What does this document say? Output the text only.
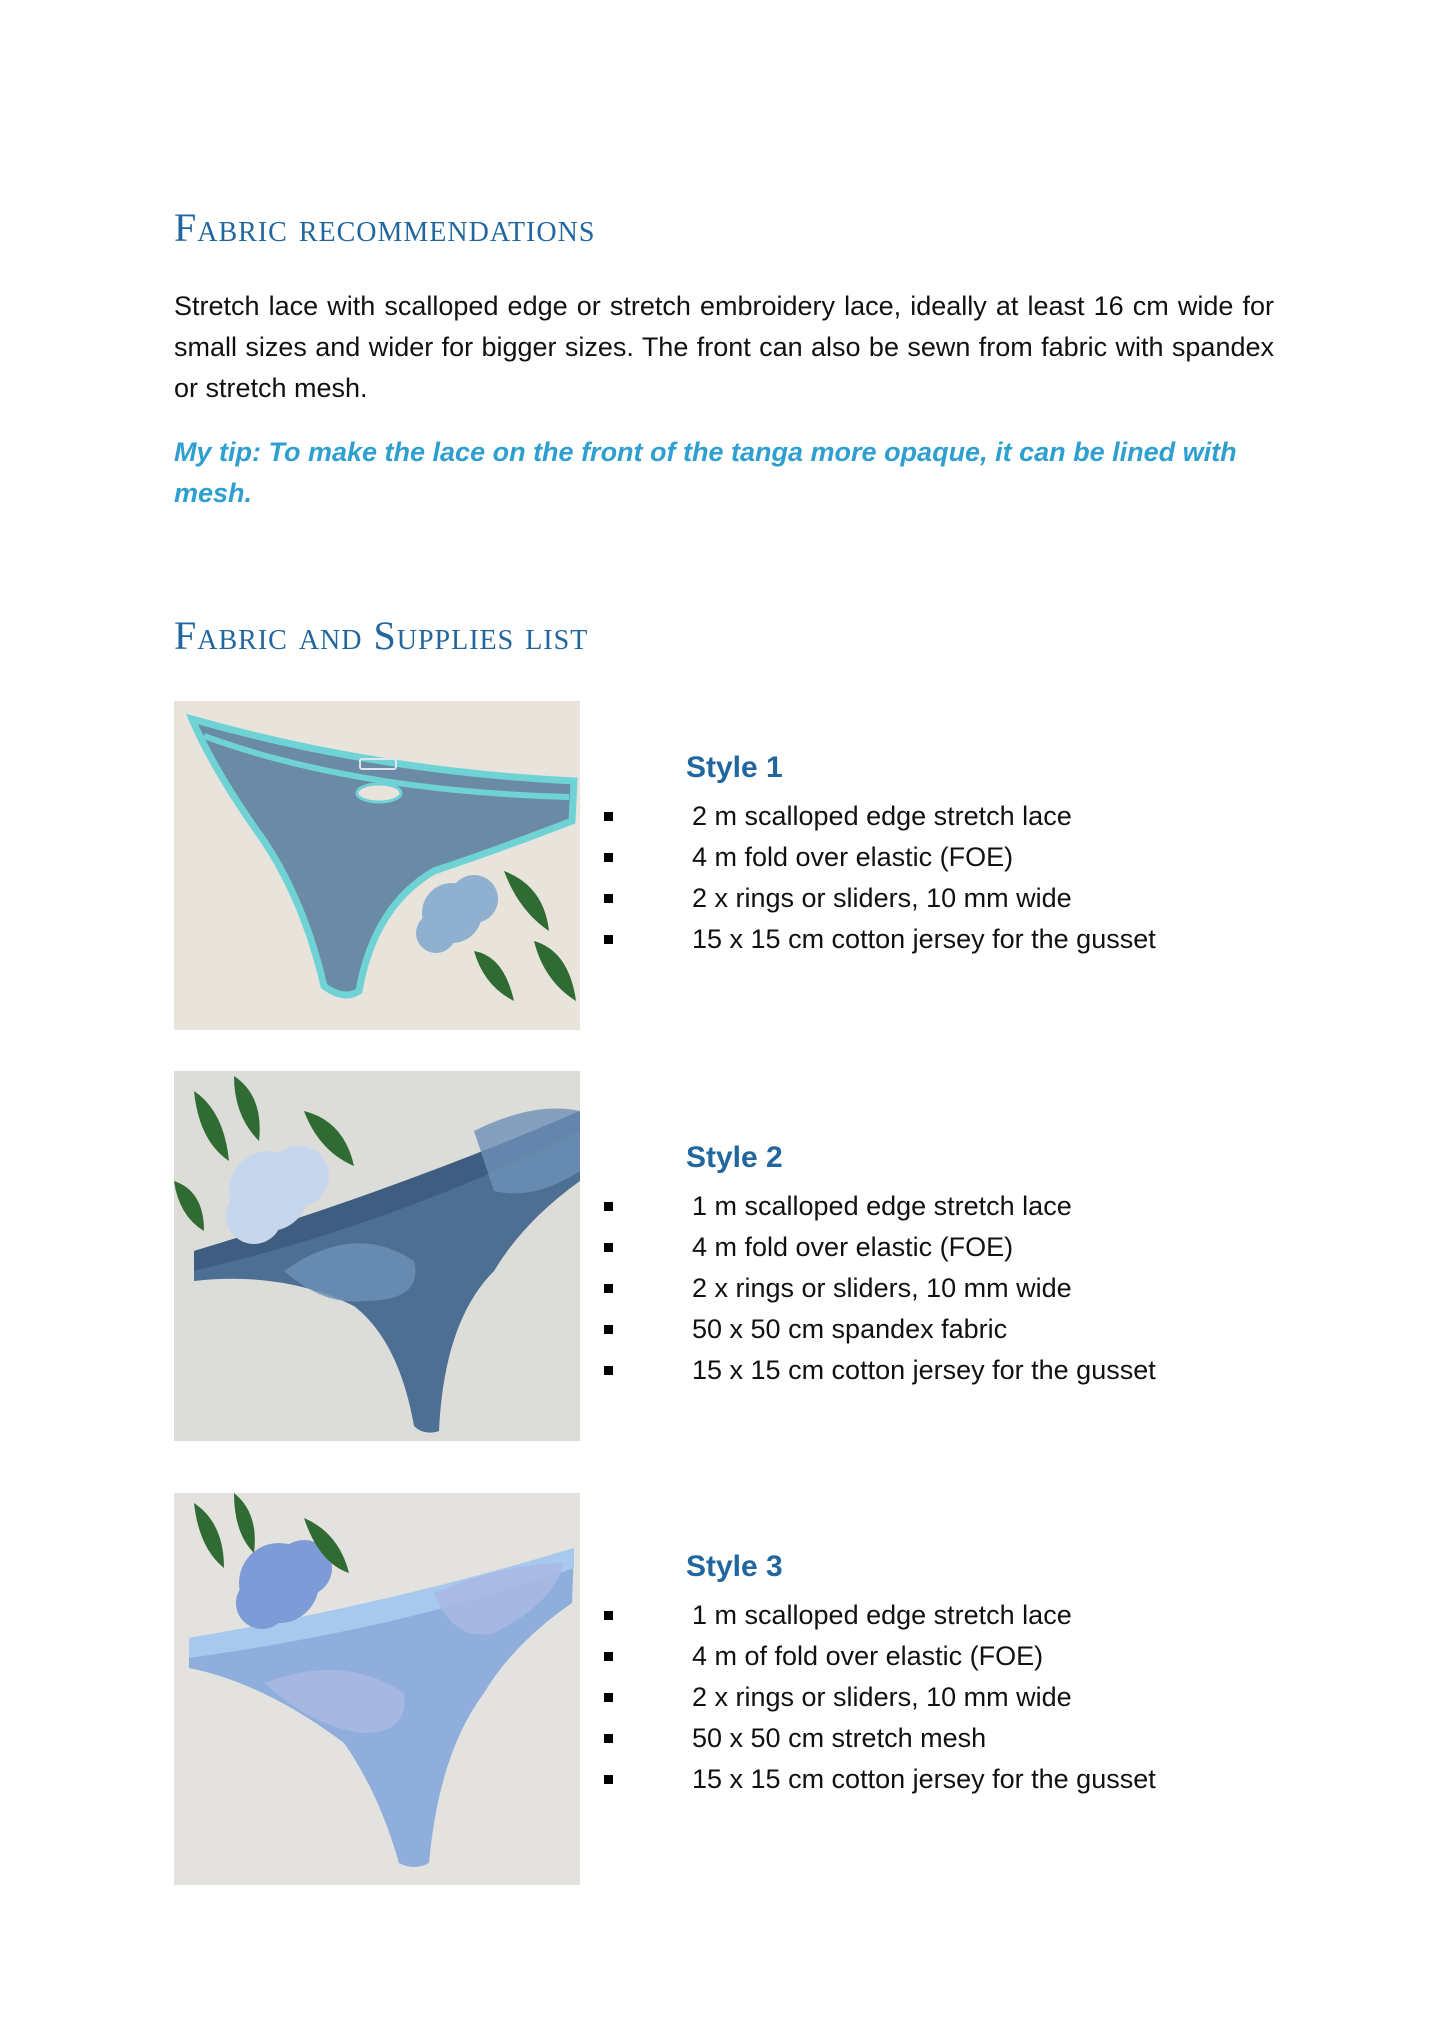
Fabric recommendations

Stretch lace with scalloped edge or stretch embroidery lace, ideally at least 16 cm wide for small sizes and wider for bigger sizes. The front can also be sewn from fabric with spandex or stretch mesh.

My tip: To make the lace on the front of the tanga more opaque, it can be lined with mesh.

Fabric and Supplies list
Style 1
2 m scalloped edge stretch lace
4 m fold over elastic (FOE)
2 x rings or sliders, 10 mm wide
15 x 15 cm cotton jersey for the gusset
Style 2
1 m scalloped edge stretch lace
4 m fold over elastic (FOE)
2 x rings or sliders, 10 mm wide
50 x 50 cm spandex fabric
15 x 15 cm cotton jersey for the gusset
Style 3
1 m scalloped edge stretch lace
4 m of fold over elastic (FOE)
2 x rings or sliders, 10 mm wide
50 x 50 cm stretch mesh
15 x 15 cm cotton jersey for the gusset
